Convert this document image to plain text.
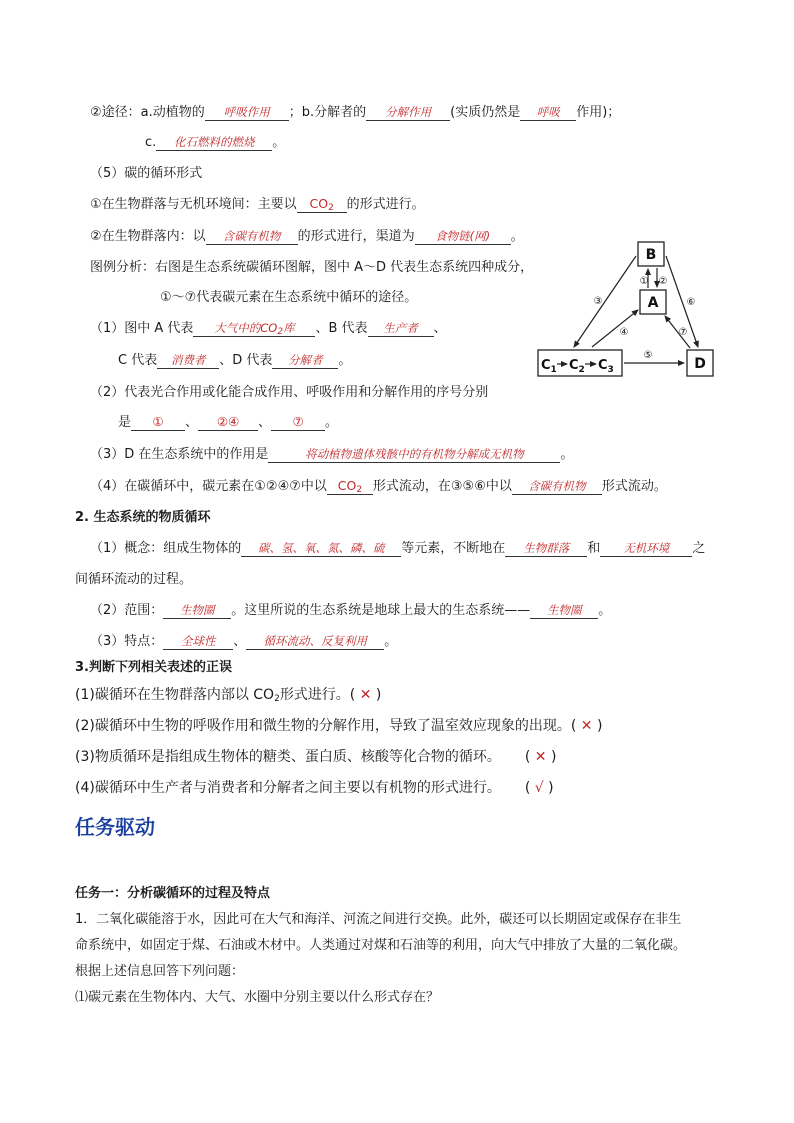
②途径：a.动植物的 呼吸作用 ；b.分解者的 分解作用 (实质仍然是 呼吸 作用)；
c. 化石燃料的燃烧 。
（5）碳的循环形式
①在生物群落与无机环境间：主要以 $CO_2$ 的形式进行。
②在生物群落内：以 含碳有机物 的形式进行，渠道为 食物链(网) 。
图例分析：右图是生态系统碳循环图解，图中 A～D 代表生态系统四种成分，
①～⑦代表碳元素在生态系统中循环的途径。
（1）图中 A 代表 大气中的$CO_2$库 、B 代表 生产者 、
C 代表 消费者 、D 代表 分解者 。
（2）代表光合作用或化能合成作用、呼吸作用和分解作用的序号分别
是 ① 、 ②④ 、 ⑦ 。
（3）D 在生态系统中的作用是	将动植物遗体残骸中的有机物分解成无机物	。
（4）在碳循环中，碳元素在①②④⑦中以 $CO_2$ 形式流动，在③⑤⑥中以 含碳有机物 形式流动。
2. 生态系统的物质循环
（1）概念：组成生物体的 碳、氢、氧、氮、磷、硫 等元素，不断地在 生物群落 和 无机环境 之
间循环流动的过程。
（2）范围： 生物圈 。这里所说的生态系统是地球上最大的生态系统—— 生物圈 。
（3）特点： 全球性 、 循环流动、反复利用 。
3.判断下列相关表述的正误
(1)碳循环在生物群落内部以 $CO_2$形式进行。( ✕ )
(2)碳循环中生物的呼吸作用和微生物的分解作用，导致了温室效应现象的出现。( ✕ )
(3)物质循环是指组成生物体的糖类、蛋白质、核酸等化合物的循环。 ( ✕ )
(4)碳循环中生产者与消费者和分解者之间主要以有机物的形式进行。 ( √ )
任务驱动
任务一：分析碳循环的过程及特点
1．二氧化碳能溶于水，因此可在大气和海洋、河流之间进行交换。此外，碳还可以长期固定或保存在非生
命系统中，如固定于煤、石油或木材中。人类通过对煤和石油等的利用，向大气中排放了大量的二氧化碳。
根据上述信息回答下列问题：
⑴碳元素在生物体内、大气、水圈中分别主要以什么形式存在？
B
A
D
$C_1$ $C_2$ $C_3$
①
③
④
⑤
⑥
⑦
②
